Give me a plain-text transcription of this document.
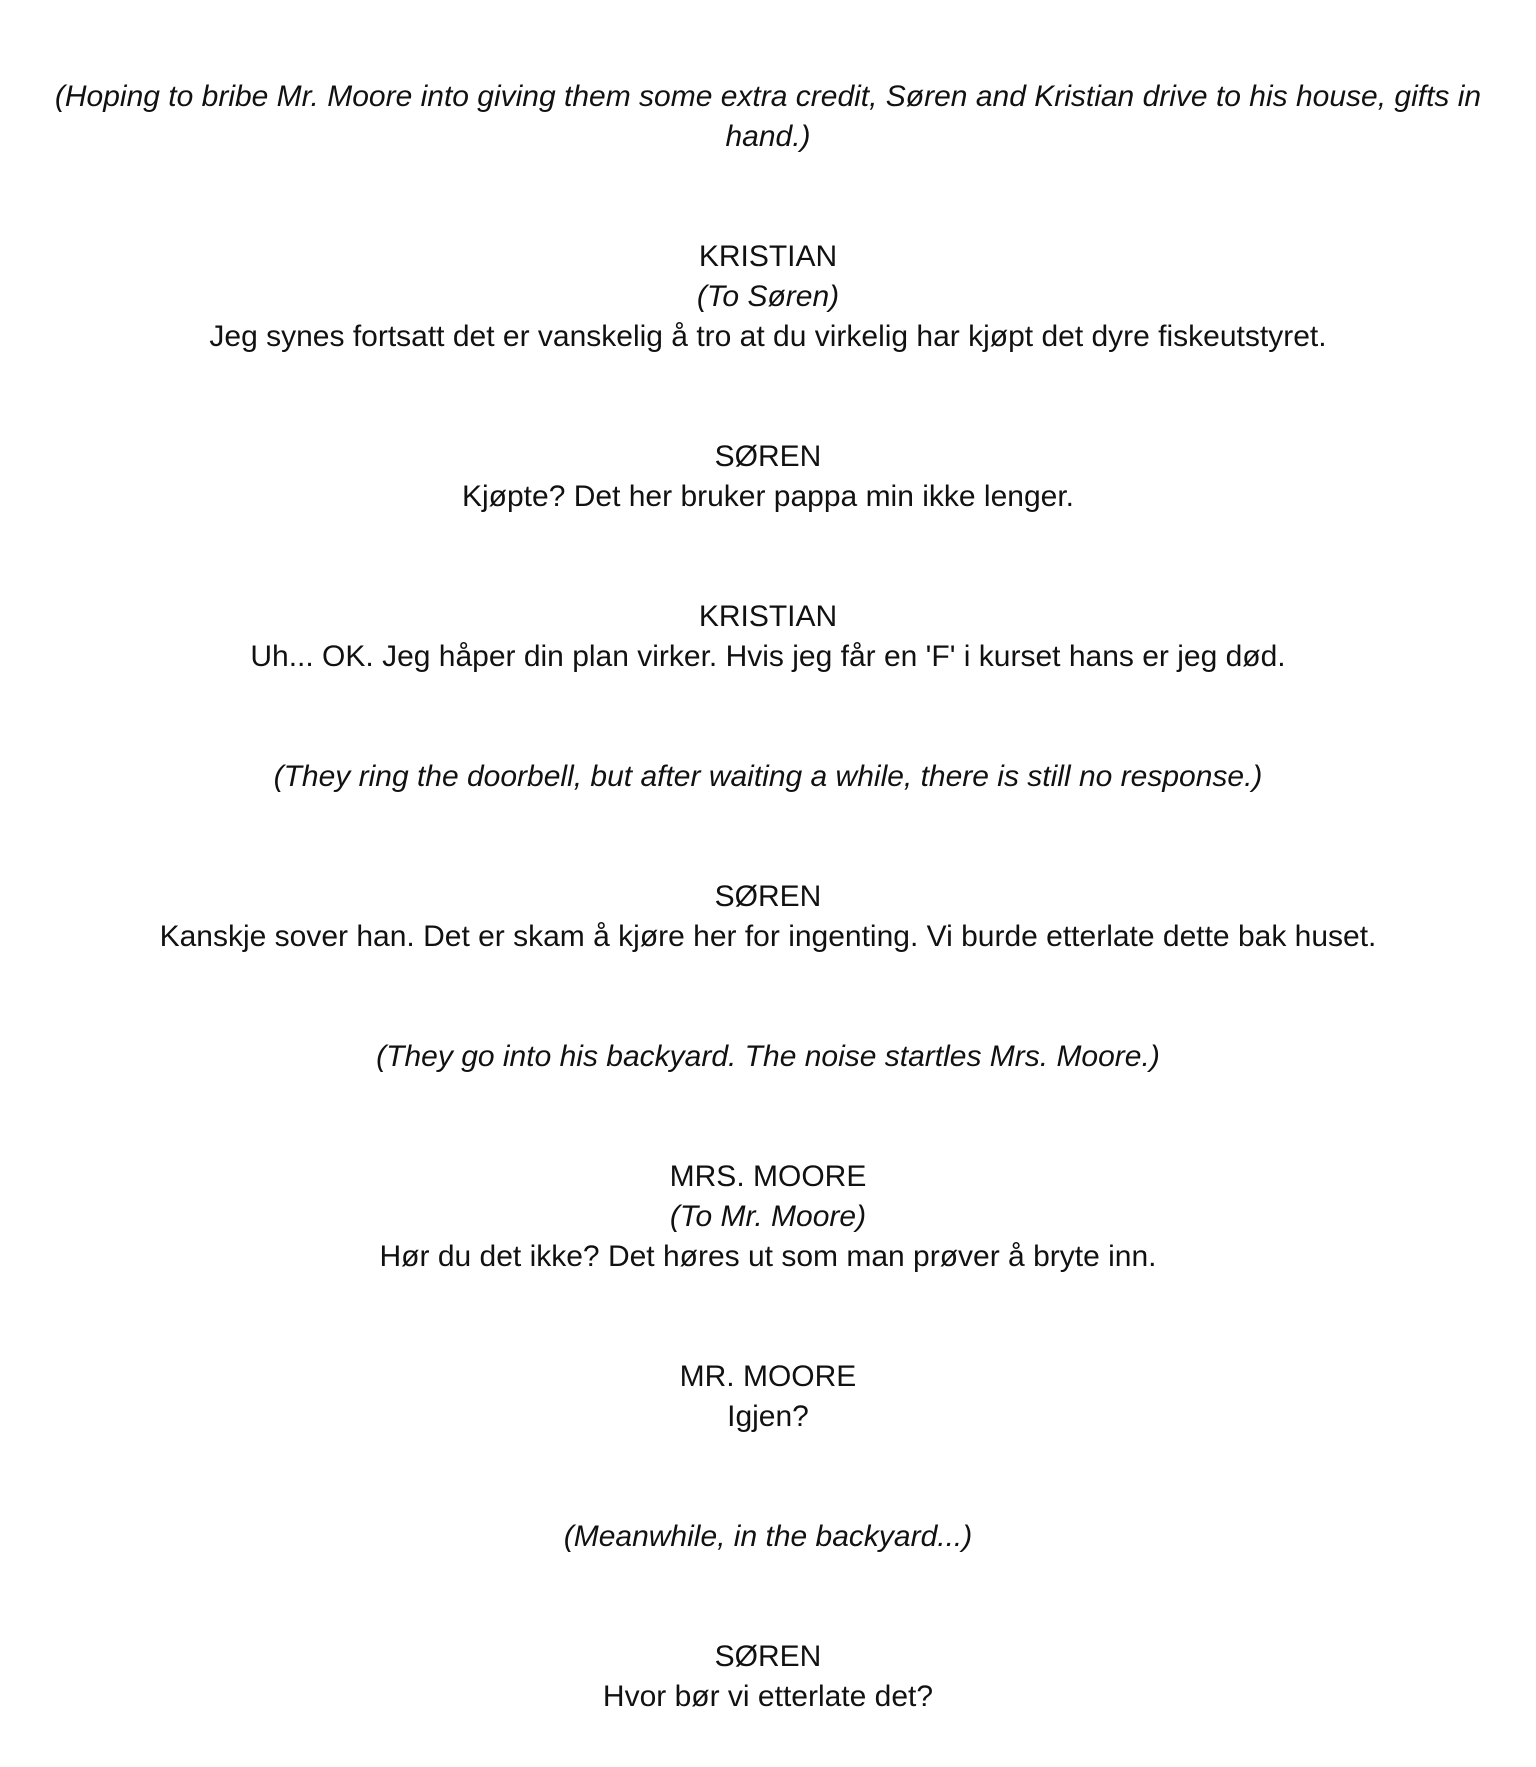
(Hoping to bribe Mr. Moore into giving them some extra credit, Søren and Kristian drive to his house, gifts in hand.)
KRISTIAN
(To Søren)
Jeg synes fortsatt det er vanskelig å tro at du virkelig har kjøpt det dyre fiskeutstyret.
SØREN
Kjøpte? Det her bruker pappa min ikke lenger.
KRISTIAN
Uh... OK. Jeg håper din plan virker. Hvis jeg får en 'F' i kurset hans er jeg død.
(They ring the doorbell, but after waiting a while, there is still no response.)
SØREN
Kanskje sover han. Det er skam å kjøre her for ingenting. Vi burde etterlate dette bak huset.
(They go into his backyard. The noise startles Mrs. Moore.)
MRS. MOORE
(To Mr. Moore)
Hør du det ikke? Det høres ut som man prøver å bryte inn.
MR. MOORE
Igjen?
(Meanwhile, in the backyard...)
SØREN
Hvor bør vi etterlate det?
